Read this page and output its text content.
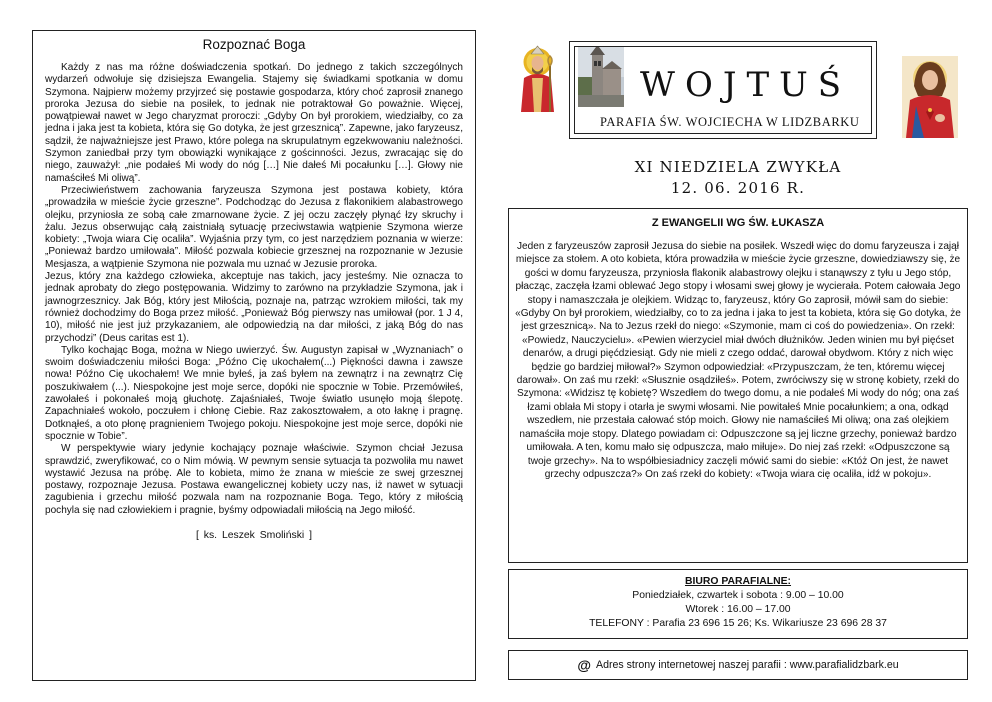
Rozpoznać Boga

Każdy z nas ma różne doświadczenia spotkań. Do jednego z takich szczególnych wydarzeń odwołuje się dzisiejsza Ewangelia. Stajemy się świadkami spotkania w domu Szymona. Najpierw możemy przyjrzeć się postawie gospodarza, który choć zaprosił znanego proroka Jezusa do siebie na posiłek, to jednak nie potraktował Go poważnie. Więcej, powątpiewał nawet w Jego charyzmat proroczi: „Gdyby On był prorokiem, wiedziałby, co za jedna i jaka jest ta kobieta, która się Go dotyka, że jest grzesznicą”. Zapewne, jako faryzeusz, sądził, że najważniejsze jest Prawo, które polega na skrupulatnym egzekwowaniu należności. Szymon zaniedbał przy tym obowiązki wynikające z gościnności. Jezus, zwracając się do niego, zauważył: „nie podałeś Mi wody do nóg […] Nie dałeś Mi pocałunku […]. Głowy nie namaściłeś Mi oliwą”.

Przeciwieństwem zachowania faryzeusza Szymona jest postawa kobiety, która „prowadziła w mieście życie grzeszne”. Podchodząc do Jezusa z flakonikiem alabastrowego olejku, przyniosła ze sobą całe zmarnowane życie. Z jej oczu zaczęły płynąć łzy skruchy i żalu. Jezus obserwując całą zaistniałą sytuację przeciwstawia wątpienie Szymona wierze kobiety: „Twoja wiara Cię ocaliła”. Wyjaśnia przy tym, co jest narzędziem poznania w wierze: „Ponieważ bardzo umiłowała”. Miłość pozwala kobiecie grzesznej na rozpoznanie w Jezusie Mesjasza, a wątpienie Szymona nie pozwala mu uznać w Jezusie proroka.

Jezus, który zna każdego człowieka, akceptuje nas takich, jacy jesteśmy. Nie oznacza to jednak aprobaty do złego postępowania. Widzimy to zarówno na przykładzie Szymona, jak i jawnogrzesznicy. Jak Bóg, który jest Miłością, poznaje na, patrząc wzrokiem miłości, tak my również dochodzimy do Boga przez miłość. „Ponieważ Bóg pierwszy nas umiłował (por. 1 J 4, 10), miłość nie jest już przykazaniem, ale odpowiedzią na dar miłości, z jaką Bóg do nas przychodzi” (Deus caritas est 1).

Tylko kochając Boga, można w Niego uwierzyć. Św. Augustyn zapisał w „Wyznaniach” o swoim doświadczeniu miłości Boga: „Późno Cię ukochałem(...) Piękności dawna i zawsze nowa! Późno Cię ukochałem! We mnie byłeś, ja zaś byłem na zewnątrz i na zewnątrz Cię poszukiwałem (...). Niespokojne jest moje serce, dopóki nie spocznie w Tobie. Przemówiłeś, zawołałeś i pokonałeś moją głuchotę. Zajaśniałeś, Twoje światło usunęło moją ślepotę. Zapachniałeś wokoło, poczułem i chłonę Ciebie. Raz zakosztowałem, a oto łaknę i pragnę. Dotknąłeś, a oto płonę pragnieniem Twojego pokoju. Niespokojne jest moje serce, dopóki nie spocznie w Tobie”.

W perspektywie wiary jedynie kochający poznaje właściwie. Szymon chciał Jezusa sprawdzić, zweryfikować, co o Nim mówią. W pewnym sensie sytuacja ta pozwoliła mu nawet wystawić Jezusa na próbę. Ale to kobieta, mimo że znana w mieście ze swej grzesznej postawy, rozpoznaje Jezusa. Postawa ewangelicznej kobiety uczy nas, iż nawet w sytuacji zagubienia i grzechu miłość pozwala nam na rozpoznanie Boga. Tego, który z miłością pochyla się nad człowiekiem i pragnie, byśmy odpowiadali miłością na Jego miłość.

[ ks. Leszek Smoliński ]
WOJTUŚ
PARAFIA ŚW. WOJCIECHA W LIDZBARKU
XI NIEDZIELA ZWYKŁA
12. 06. 2016 R.
Z EWANGELII WG ŚW. ŁUKASZA
Jeden z faryzeuszów zaprosił Jezusa do siebie na posiłek. Wszedł więc do domu faryzeusza i zajął miejsce za stołem. A oto kobieta, która prowadziła w mieście życie grzeszne, dowiedziawszy się, że gości w domu faryzeusza, przyniosła flakonik alabastrowy olejku i stanąwszy z tyłu u Jego stóp, płacząc, zaczęła łzami oblewać Jego stopy i włosami swej głowy je wycierała. Potem całowała Jego stopy i namaszczała je olejkiem. Widząc to, faryzeusz, który Go zaprosił, mówił sam do siebie: «Gdyby On był prorokiem, wiedziałby, co to za jedna i jaka to jest ta kobieta, która się Go dotyka, że jest grzesznicą». Na to Jezus rzekł do niego: «Szymonie, mam ci coś do powiedzenia». On rzekł: «Powiedz, Nauczycielu». «Pewien wierzyciel miał dwóch dłużników. Jeden winien mu był pięćset denarów, a drugi pięćdziesiąt. Gdy nie mieli z czego oddać, darował obydwom. Który z nich więc będzie go bardziej miłował?» Szymon odpowiedział: «Przypuszczam, że ten, któremu więcej darował». On zaś mu rzekł: «Słusznie osądziłeś». Potem, zwróciwszy się w stronę kobiety, rzekł do Szymona: «Widzisz tę kobietę? Wszedłem do twego domu, a nie podałeś Mi wody do nóg; ona zaś łzami oblała Mi stopy i otarła je swymi włosami. Nie powitałeś Mnie pocałunkiem; a ona, odkąd wszedłem, nie przestała całować stóp moich. Głowy nie namaściłeś Mi oliwą; ona zaś olejkiem namaściła moje stopy. Dlatego powiadam ci: Odpuszczone są jej liczne grzechy, ponieważ bardzo umiłowała. A ten, komu mało się odpuszcza, mało miłuje». Do niej zaś rzekł: «Odpuszczone są twoje grzechy». Na to współbiesiadnicy zaczęli mówić sami do siebie: «Któż On jest, że nawet grzechy odpuszcza?» On zaś rzekł do kobiety: «Twoja wiara cię ocaliła, idź w pokoju».
BIURO PARAFIALNE:
Poniedziałek, czwartek i sobota : 9.00 – 10.00
Wtorek : 16.00 – 17.00
TELEFONY : Parafia 23 696 15 26; Ks. Wikariusze 23 696 28 37
@ Adres strony internetowej naszej parafii : www.parafialidzbark.eu
